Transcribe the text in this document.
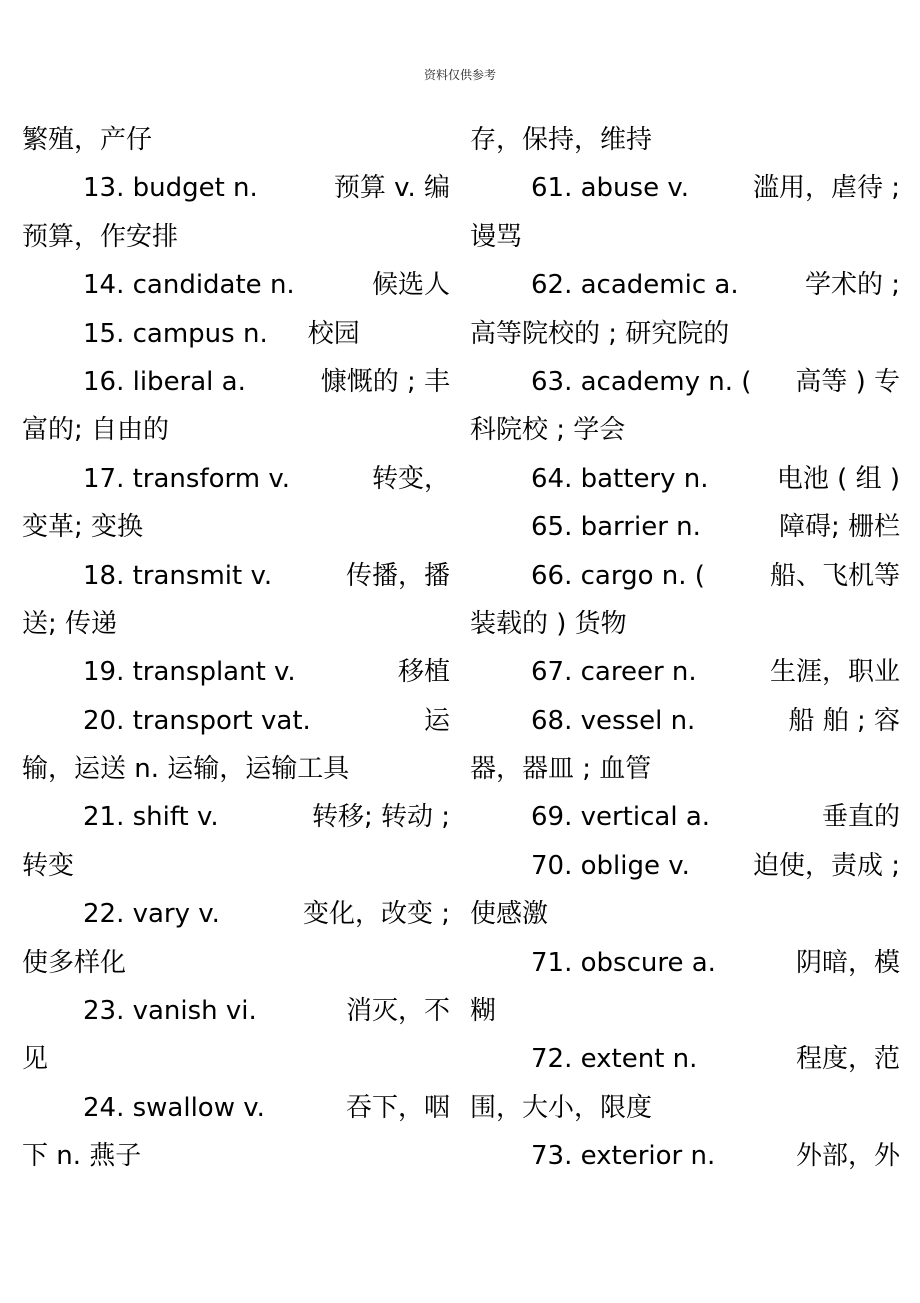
资料仅供参考
繁殖，产仔
13. budget n.	预算 v. 编
预算，作安排
14. candidate n.	候选人
15. campus n.	校园
16. liberal a.	慷慨的 ; 丰
富的; 自由的
17. transform v.	转变，
变革; 变换
18. transmit v.	传播，播
送; 传递
19. transplant v.	移植
20. transport vat.	运
输，运送 n. 运输，运输工具
21. shift v.	转移; 转动 ;
转变
22. vary v.	变化，改变 ;
使多样化
23. vanish vi.	消灭，不
见
24. swallow v.	吞下，咽
下 n. 燕子
存，保持，维持
61. abuse v.	滥用，虐待 ;
谩骂
62. academic a.	学术的 ;
高等院校的 ; 研究院的
63. academy n. (	高等 ) 专
科院校 ; 学会
64. battery n.	电池 ( 组 )
65. barrier n.	障碍; 栅栏
66. cargo n. (	船、飞机等
装载的 ) 货物
67. career n.	生涯，职业
68. vessel n.	船 舶 ; 容
器，器皿 ; 血管
69. vertical a.	垂直的
70. oblige v.	迫使，责成 ;
使感激
71. obscure a.	阴暗，模
糊
72. extent n.	程度，范
围，大小，限度
73. exterior n.	外部，外
